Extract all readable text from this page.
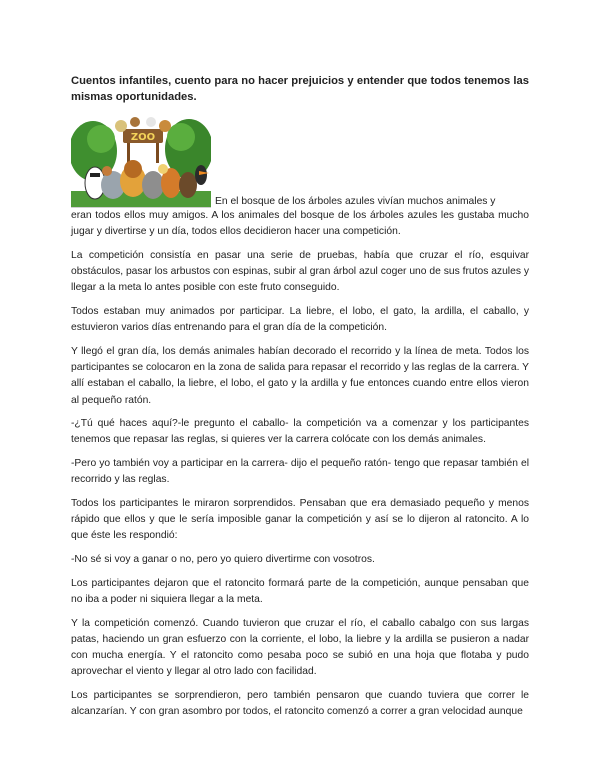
Cuentos infantiles, cuento para no hacer prejuicios y entender que todos tenemos las mismas oportunidades.
ZOO
En el bosque de los árboles azules vivían muchos animales y

eran todos ellos muy amigos. A los animales del bosque de los árboles azules les gustaba mucho jugar y divertirse y un día, todos ellos decidieron hacer una competición.

La competición consistía en pasar una serie de pruebas, había que cruzar el río, esquivar obstáculos, pasar los arbustos con espinas, subir al gran árbol azul coger uno de sus frutos azules y llegar a la meta lo antes posible con este fruto conseguido.

Todos estaban muy animados por participar. La liebre, el lobo, el gato, la ardilla, el caballo, y estuvieron varios días entrenando para el gran día de la competición.

Y llegó el gran día, los demás animales habían decorado el recorrido y la línea de meta. Todos los participantes se colocaron en la zona de salida para repasar el recorrido y las reglas de la carrera. Y allí estaban el caballo, la liebre, el lobo, el gato y la ardilla y fue entonces cuando entre ellos vieron al pequeño ratón.

-¿Tú qué haces aquí?-le pregunto el caballo- la competición va a comenzar y los participantes tenemos que repasar las reglas, si quieres ver la carrera colócate con los demás animales.

-Pero yo también voy a participar en la carrera- dijo el pequeño ratón- tengo que repasar también el recorrido y las reglas.

Todos los participantes le miraron sorprendidos. Pensaban que era demasiado pequeño y menos rápido que ellos y que le sería imposible ganar la competición y así se lo dijeron al ratoncito. A lo que éste les respondió:

-No sé si voy a ganar o no, pero yo quiero divertirme con vosotros.

Los participantes dejaron que el ratoncito formará parte de la competición, aunque pensaban que no iba a poder ni siquiera llegar a la meta.

Y la competición comenzó. Cuando tuvieron que cruzar el río, el caballo cabalgo con sus largas patas, haciendo un gran esfuerzo con la corriente, el lobo, la liebre y la ardilla se pusieron a nadar con mucha energía. Y el ratoncito como pesaba poco se subió en una hoja que flotaba y pudo aprovechar el viento y llegar al otro lado con facilidad.

Los participantes se sorprendieron, pero también pensaron que cuando tuviera que correr le alcanzarían. Y con gran asombro por todos, el ratoncito comenzó a correr a gran velocidad aunque
